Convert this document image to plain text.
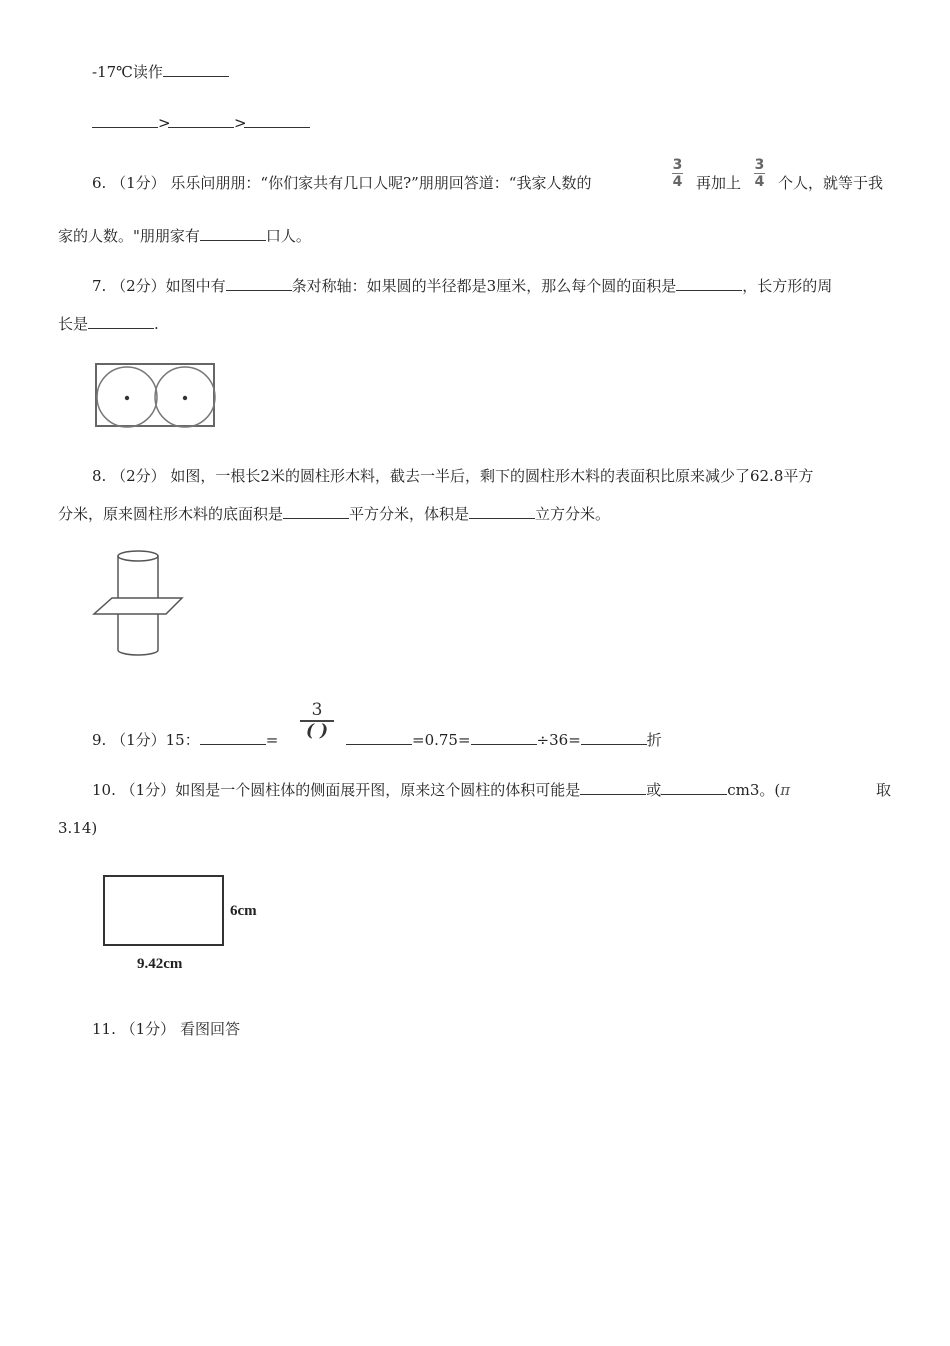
-17℃读作
>	>
6. （1分） 乐乐问朋朋：“你们家共有几口人呢?”朋朋回答道：“我家人数的
3
4 再加上
3
4 个人，就等于我
家的人数。"朋朋家有	口人。
7. （2分）如图中有	条对称轴：如果圆的半径都是3厘米，那么每个圆的面积是	，长方形的周
长是	.
8. （2分） 如图，一根长2米的圆柱形木料，截去一半后，剩下的圆柱形木料的表面积比原来减少了62.8平方
分米，原来圆柱形木料的底面积是	平方分米，体积是	立方分米。
9. （1分）15：	=
3
( )	=0.75=	÷36=	折
10. （1分）如图是一个圆柱体的侧面展开图，原来这个圆柱的体积可能是	或	cm3。(π	取
3.14)
6cm
9.42cm
11. （1分） 看图回答
